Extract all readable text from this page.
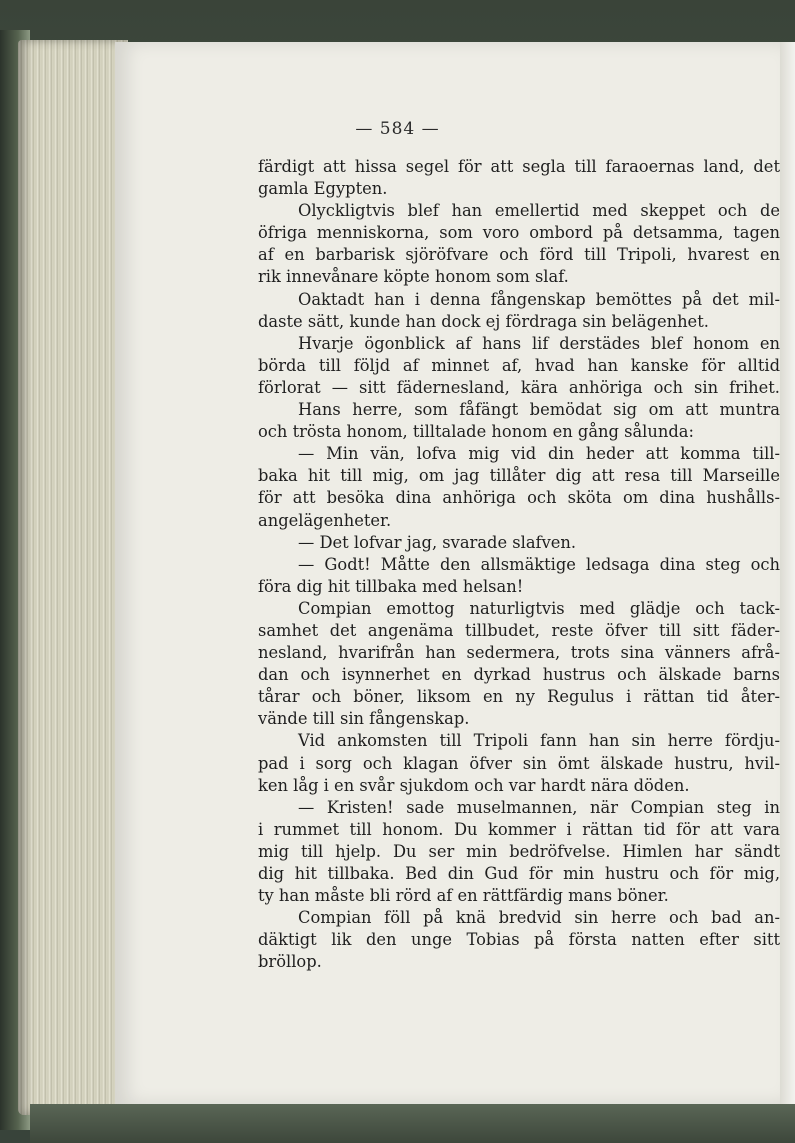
— 584 —
färdigt att hissa segel för att segla till faraoernas land, det
gamla Egypten.
Olyckligtvis blef han emellertid med skeppet och de
öfriga menniskorna, som voro ombord på detsamma, tagen
af en barbarisk sjöröfvare och förd till Tripoli, hvarest en
rik innevånare köpte honom som slaf.
Oaktadt han i denna fångenskap bemöttes på det mil-
daste sätt, kunde han dock ej fördraga sin belägenhet.
Hvarje ögonblick af hans lif derstädes blef honom en
börda till följd af minnet af, hvad han kanske för alltid
förlorat — sitt fädernesland, kära anhöriga och sin frihet.
Hans herre, som fåfängt bemödat sig om att muntra
och trösta honom, tilltalade honom en gång sålunda:
— Min vän, lofva mig vid din heder att komma till-
baka hit till mig, om jag tillåter dig att resa till Marseille
för att besöka dina anhöriga och sköta om dina hushålls-
angelägenheter.
— Det lofvar jag, svarade slafven.
— Godt! Måtte den allsmäktige ledsaga dina steg och
föra dig hit tillbaka med helsan!
Compian emottog naturligtvis med glädje och tack-
samhet det angenäma tillbudet, reste öfver till sitt fäder-
nesland, hvarifrån han sedermera, trots sina vänners afrå-
dan och isynnerhet en dyrkad hustrus och älskade barns
tårar och böner, liksom en ny Regulus i rättan tid åter-
vände till sin fångenskap.
Vid ankomsten till Tripoli fann han sin herre fördju-
pad i sorg och klagan öfver sin ömt älskade hustru, hvil-
ken låg i en svår sjukdom och var hardt nära döden.
— Kristen! sade muselmannen, när Compian steg in
i rummet till honom. Du kommer i rättan tid för att vara
mig till hjelp. Du ser min bedröfvelse. Himlen har sändt
dig hit tillbaka. Bed din Gud för min hustru och för mig,
ty han måste bli rörd af en rättfärdig mans böner.
Compian föll på knä bredvid sin herre och bad an-
däktigt lik den unge Tobias på första natten efter sitt
bröllop.
